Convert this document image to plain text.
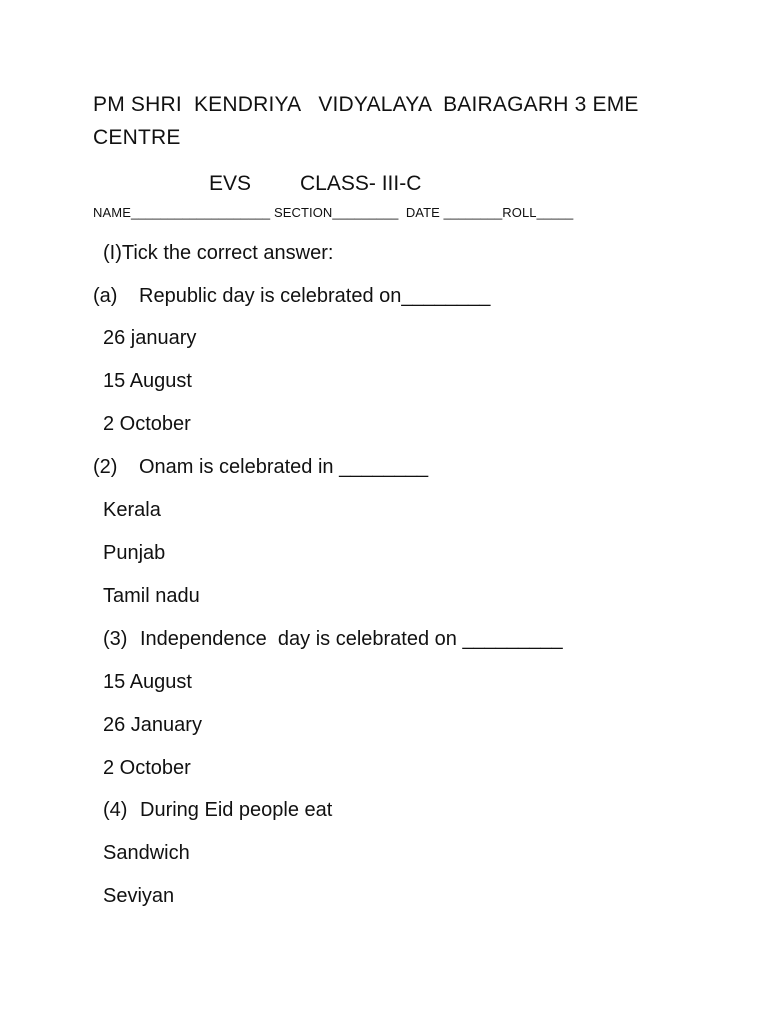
PM SHRI  KENDRIYA   VIDYALAYA  BAIRAGARH 3 EME
CENTRE
EVS CLASS- III-C
NAME___________________ SECTION_________  DATE ________ROLL_____
(I)Tick the correct answer:
(a) Republic day is celebrated on________
26 january
15 August
2 October
(2) Onam is celebrated in ________
Kerala
Punjab
Tamil nadu
(3) Independence  day is celebrated on _________
15 August
26 January
2 October
(4) During Eid people eat
Sandwich
Seviyan
